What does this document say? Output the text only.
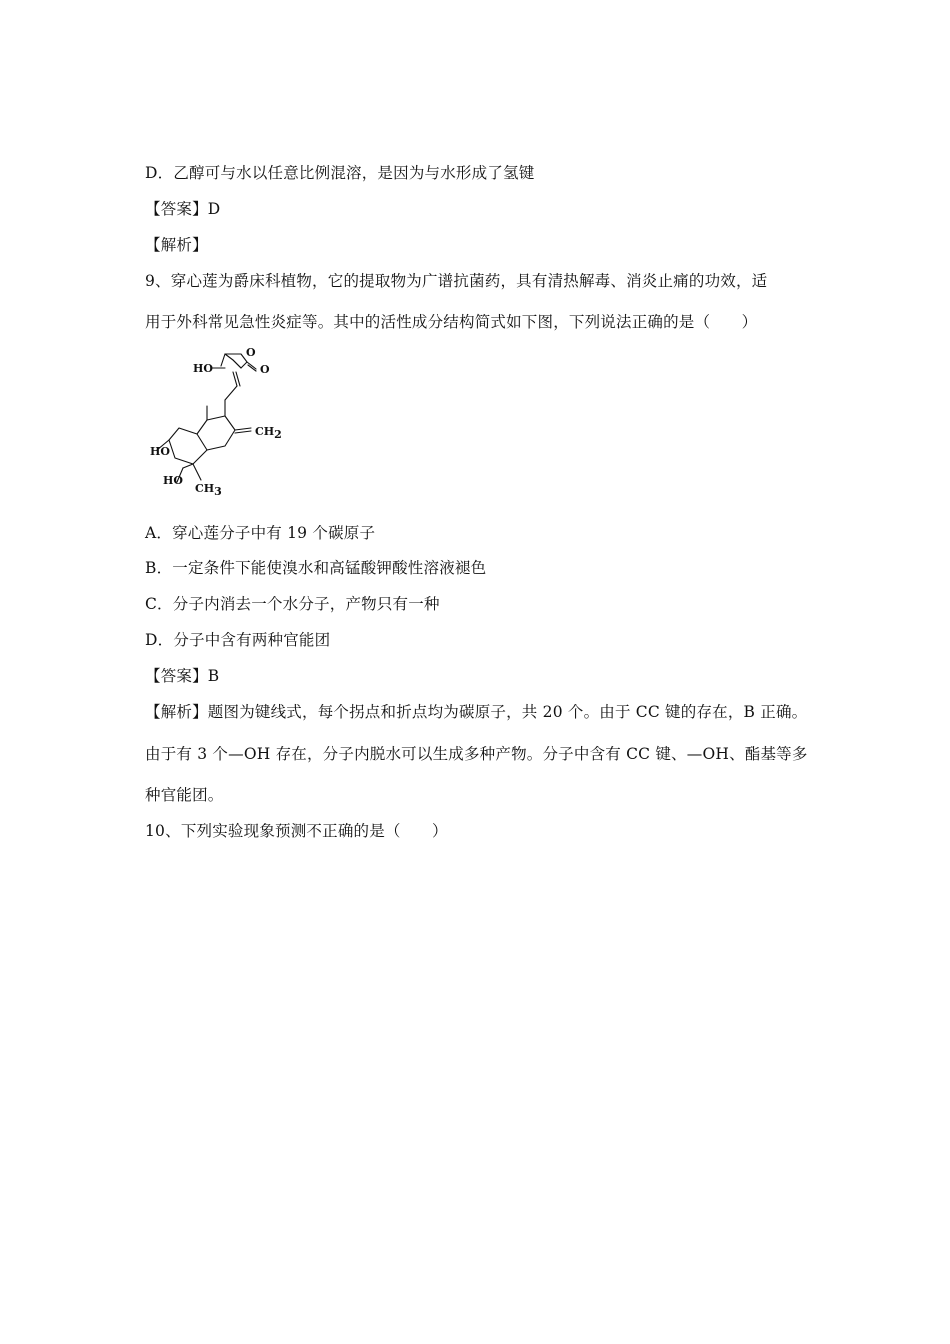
D．乙醇可与水以任意比例混溶，是因为与水形成了氢键
【答案】D
【解析】
9、穿心莲为爵床科植物，它的提取物为广谱抗菌药，具有清热解毒、消炎止痛的功效，适
用于外科常见急性炎症等。其中的活性成分结构简式如下图，下列说法正确的是（　　）
HO
O
O
CH2
HO
HO
CH3
A．穿心莲分子中有 19 个碳原子
B．一定条件下能使溴水和高锰酸钾酸性溶液褪色
C．分子内消去一个水分子，产物只有一种
D．分子中含有两种官能团
【答案】B
【解析】题图为键线式，每个拐点和折点均为碳原子，共 20 个。由于 CC 键的存在，B 正确。
由于有 3 个—OH 存在，分子内脱水可以生成多种产物。分子中含有 CC 键、—OH、酯基等多
种官能团。
10、下列实验现象预测不正确的是（　　）
